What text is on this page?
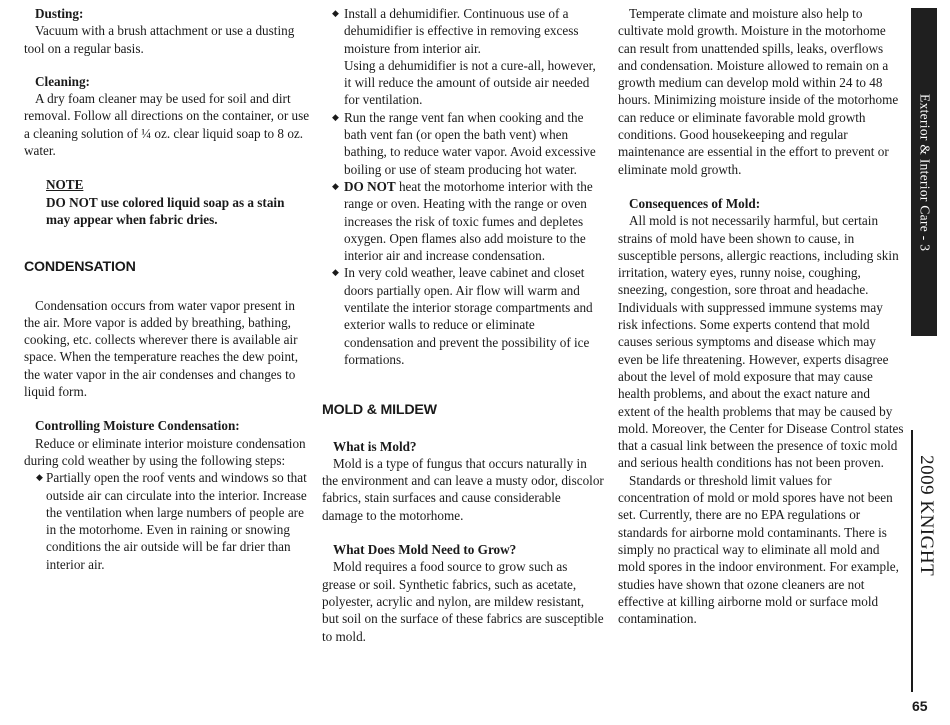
Dusting:

Vacuum with a brush attachment or use a dusting tool on a regular basis.

Cleaning:

A dry foam cleaner may be used for soil and dirt removal. Follow all directions on the container, or use a cleaning solution of ¼ oz. clear liquid soap to 8 oz. water.

NOTE

DO NOT use colored liquid soap as a stain may appear when fabric dries.

CONDENSATION

Condensation occurs from water vapor present in the air. More vapor is added by breathing, bathing, cooking, etc. collects wherever there is available air space. When the temperature reaches the dew point, the water vapor in the air condenses and changes to liquid form.

Controlling Moisture Condensation:

Reduce or eliminate interior moisture condensation during cold weather by using the following steps:

◆ Partially open the roof vents and windows so that outside air can circulate into the interior. Increase the ventilation when large numbers of people are in the motorhome. Even in raining or snowing conditions the air outside will be far drier than interior air.
◆ Install a dehumidifier. Continuous use of a dehumidifier is effective in removing excess moisture from interior air.
Using a dehumidifier is not a cure-all, however, it will reduce the amount of outside air needed for ventilation.
◆ Run the range vent fan when cooking and the bath vent fan (or open the bath vent) when bathing, to reduce water vapor. Avoid excessive boiling or use of steam producing hot water.
◆ DO NOT heat the motorhome interior with the range or oven. Heating with the range or oven increases the risk of toxic fumes and depletes oxygen. Open flames also add moisture to the interior air and increase condensation.
◆ In very cold weather, leave cabinet and closet doors partially open. Air flow will warm and ventilate the interior storage compartments and exterior walls to reduce or eliminate condensation and prevent the possibility of ice formations.

MOLD & MILDEW

What is Mold?

Mold is a type of fungus that occurs naturally in the environment and can leave a musty odor, discolor fabrics, stain surfaces and cause considerable damage to the motorhome.

What Does Mold Need to Grow?

Mold requires a food source to grow such as grease or soil. Synthetic fabrics, such as acetate, polyester, acrylic and nylon, are mildew resistant, but soil on the surface of these fabrics are susceptible to mold.

Temperate climate and moisture also help to cultivate mold growth. Moisture in the motorhome can result from unattended spills, leaks, overflows and condensation. Moisture allowed to remain on a growth medium can develop mold within 24 to 48 hours. Minimizing moisture inside of the motorhome can reduce or eliminate favorable mold growth conditions. Good housekeeping and regular maintenance are essential in the effort to prevent or eliminate mold growth.

Consequences of Mold:

All mold is not necessarily harmful, but certain strains of mold have been shown to cause, in susceptible persons, allergic reactions, including skin irritation, watery eyes, runny noise, coughing, sneezing, congestion, sore throat and headache. Individuals with suppressed immune systems may risk infections. Some experts contend that mold causes serious symptoms and disease which may even be life threatening. However, experts disagree about the level of mold exposure that may cause health problems, and about the exact nature and extent of the health problems that may be caused by mold. Moreover, the Center for Disease Control states that a casual link between the presence of toxic mold and serious health conditions has not been proven.

Standards or threshold limit values for concentration of mold or mold spores have not been set. Currently, there are no EPA regulations or standards for airborne mold contaminants. There is simply no practical way to eliminate all mold and mold spores in the indoor environment. For example, studies have shown that ozone cleaners are not effective at killing airborne mold or surface mold contamination.

Exterior & Interior Care - 3
2009 KNIGHT
65
